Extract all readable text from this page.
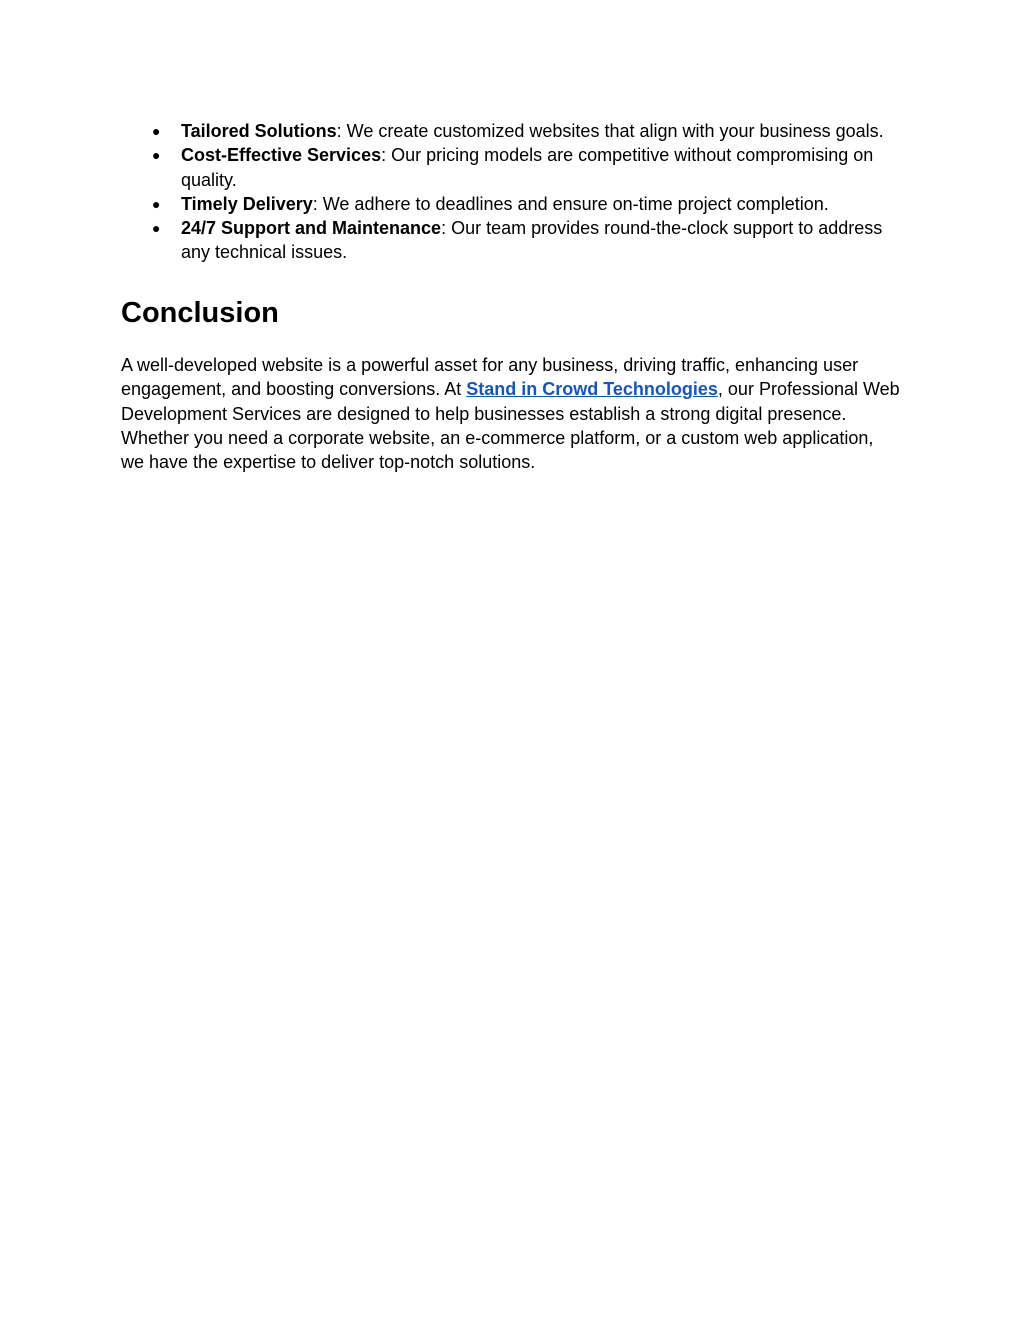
● Tailored Solutions: We create customized websites that align with your business goals.
● Cost-Effective Services: Our pricing models are competitive without compromising on quality.
● Timely Delivery: We adhere to deadlines and ensure on-time project completion.
● 24/7 Support and Maintenance: Our team provides round-the-clock support to address any technical issues.
Conclusion

A well-developed website is a powerful asset for any business, driving traffic, enhancing user engagement, and boosting conversions. At Stand in Crowd Technologies, our Professional Web Development Services are designed to help businesses establish a strong digital presence. Whether you need a corporate website, an e-commerce platform, or a custom web application, we have the expertise to deliver top-notch solutions.
